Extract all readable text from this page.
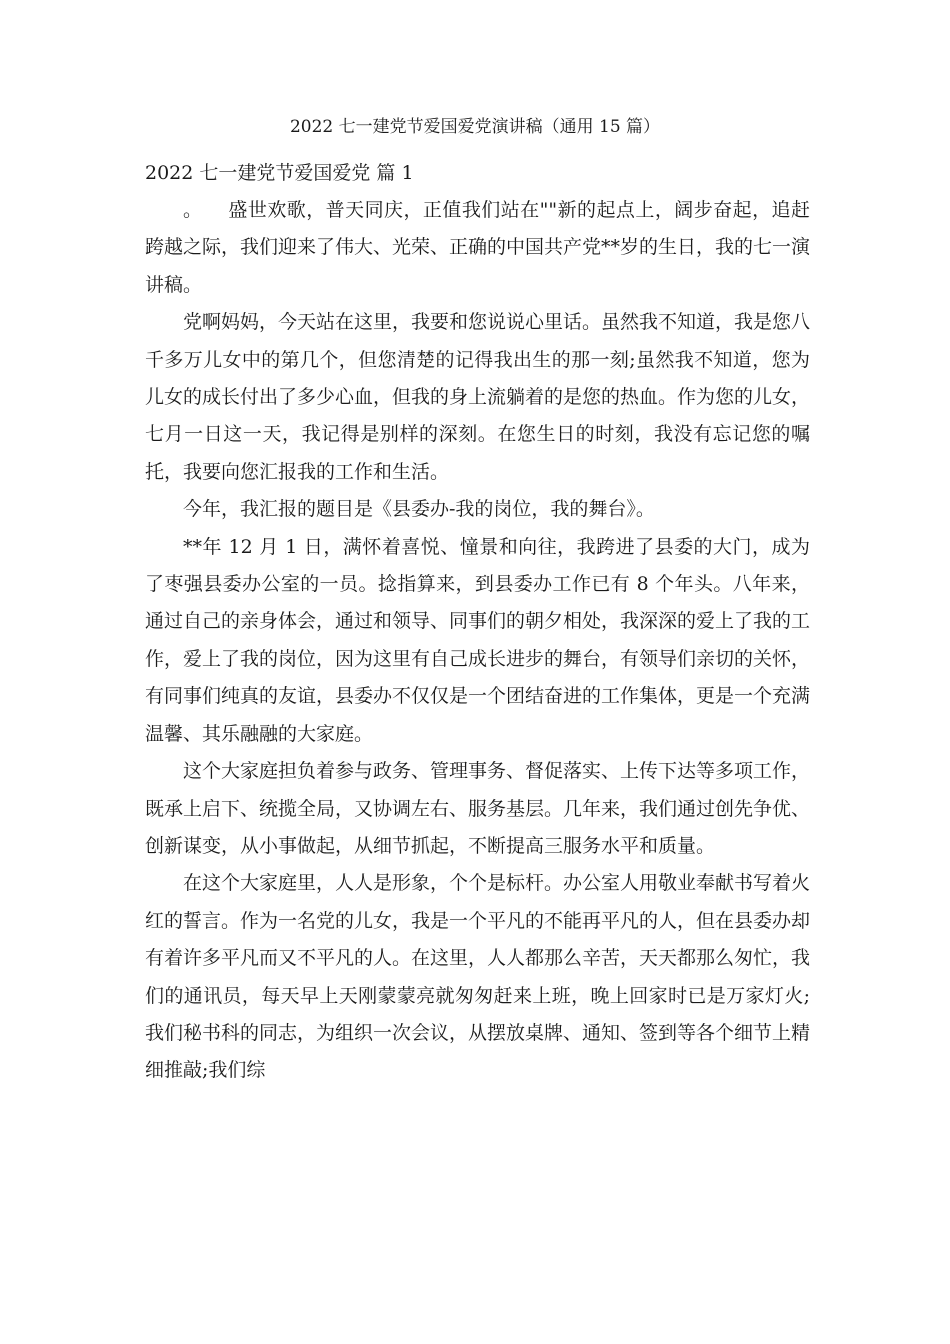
2022 七一建党节爱国爱党演讲稿（通用 15 篇）
2022 七一建党节爱国爱党 篇 1

。    盛世欢歌，普天同庆，正值我们站在""新的起点上，阔步奋起，追赶跨越之际，我们迎来了伟大、光荣、正确的中国共产党**岁的生日，我的七一演讲稿。

党啊妈妈，今天站在这里，我要和您说说心里话。虽然我不知道，我是您八千多万儿女中的第几个，但您清楚的记得我出生的那一刻;虽然我不知道，您为儿女的成长付出了多少心血，但我的身上流躺着的是您的热血。作为您的儿女，七月一日这一天，我记得是别样的深刻。在您生日的时刻，我没有忘记您的嘱托，我要向您汇报我的工作和生活。

今年，我汇报的题目是《县委办-我的岗位，我的舞台》。

**年 12 月 1 日，满怀着喜悦、憧景和向往，我跨进了县委的大门，成为了枣强县委办公室的一员。捻指算来，到县委办工作已有 8 个年头。八年来，通过自己的亲身体会，通过和领导、同事们的朝夕相处，我深深的爱上了我的工作，爱上了我的岗位，因为这里有自己成长进步的舞台，有领导们亲切的关怀，有同事们纯真的友谊，县委办不仅仅是一个团结奋进的工作集体，更是一个充满温馨、其乐融融的大家庭。

这个大家庭担负着参与政务、管理事务、督促落实、上传下达等多项工作，既承上启下、统揽全局，又协调左右、服务基层。几年来，我们通过创先争优、创新谋变，从小事做起，从细节抓起，不断提高三服务水平和质量。

在这个大家庭里，人人是形象，个个是标杆。办公室人用敬业奉献书写着火红的誓言。作为一名党的儿女，我是一个平凡的不能再平凡的人，但在县委办却有着许多平凡而又不平凡的人。在这里，人人都那么辛苦，天天都那么匆忙，我们的通讯员，每天早上天刚蒙蒙亮就匆匆赶来上班，晚上回家时已是万家灯火;我们秘书科的同志，为组织一次会议，从摆放桌牌、通知、签到等各个细节上精细推敲;我们综
